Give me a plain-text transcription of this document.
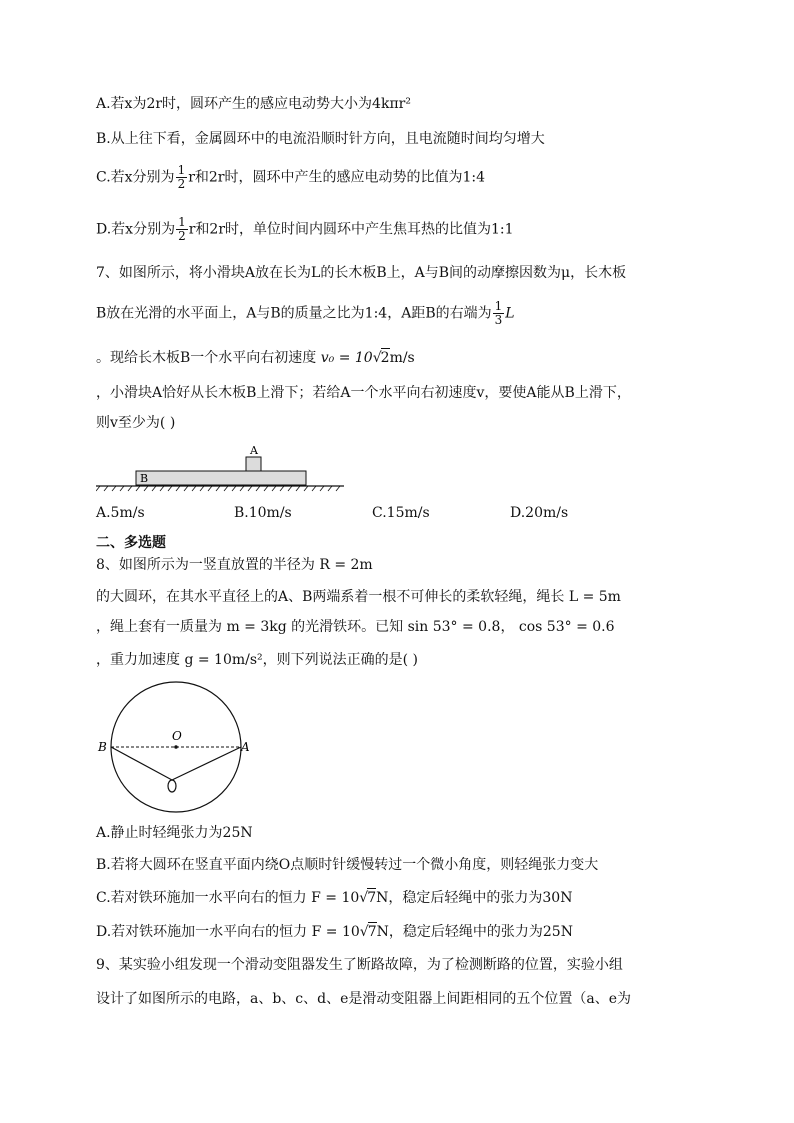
A.若x为2r时，圆环产生的感应电动势大小为4kπr²
B.从上往下看，金属圆环中的电流沿顺时针方向，且电流随时间均匀增大
C.若x分别为 $\frac{1}{2}$ r和2r时，圆环中产生的感应电动势的比值为1:4
D.若x分别为 $\frac{1}{2}$ r和2r时，单位时间内圆环中产生焦耳热的比值为1:1
7、如图所示，将小滑块A放在长为L的长木板B上，A与B间的动摩擦因数为μ，长木板
B放在光滑的水平面上，A与B的质量之比为1:4，A距B的右端为 $\frac{1}{3}$ L
。现给长木板B一个水平向右初速度 v₀ = 10√2m/s
，小滑块A恰好从长木板B上滑下；若给A一个水平向右初速度v，要使A能从B上滑下，
则v至少为( )
A
B
A.5m/s	B.10m/s	C.15m/s	D.20m/s
二、多选题
8、如图所示为一竖直放置的半径为 R = 2m
的大圆环，在其水平直径上的A、B两端系着一根不可伸长的柔软轻绳，绳长 L = 5m
，绳上套有一质量为 m = 3kg 的光滑铁环。已知 sin 53° = 0.8， cos 53° = 0.6
，重力加速度 g = 10m/s²，则下列说法正确的是( )
O
B	A
A.静止时轻绳张力为25N
B.若将大圆环在竖直平面内绕O点顺时针缓慢转过一个微小角度，则轻绳张力变大
C.若对铁环施加一水平向右的恒力 F = 10√7N，稳定后轻绳中的张力为30N
D.若对铁环施加一水平向右的恒力 F = 10√7N，稳定后轻绳中的张力为25N
9、某实验小组发现一个滑动变阻器发生了断路故障，为了检测断路的位置，实验小组
设计了如图所示的电路，a、b、c、d、e是滑动变阻器上间距相同的五个位置（a、e为
